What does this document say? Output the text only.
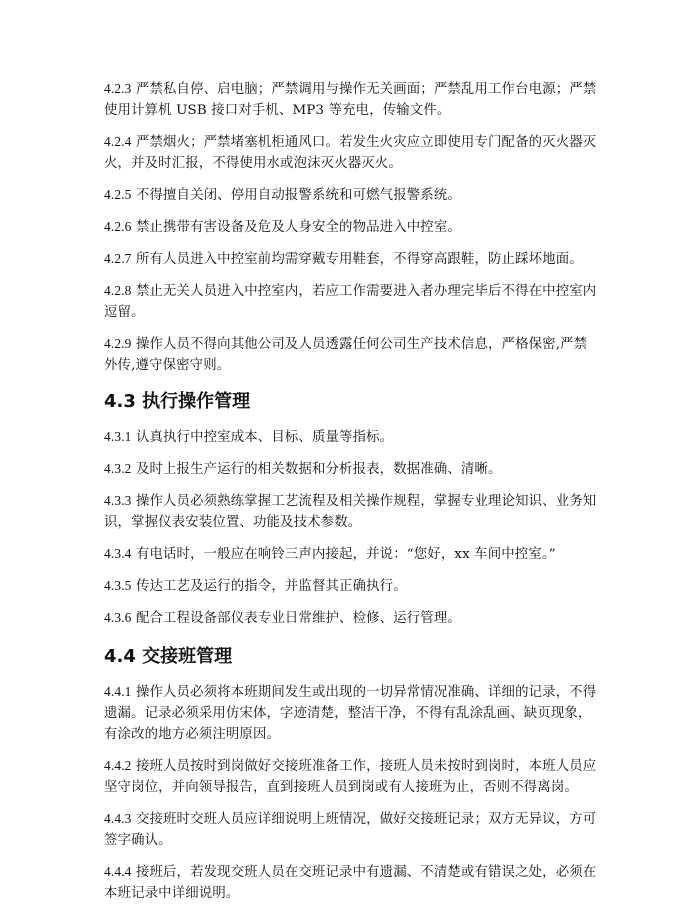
4.2.3 严禁私自停、启电脑；严禁调用与操作无关画面；严禁乱用工作台电源；严禁使用计算机 USB 接口对手机、MP3 等充电，传输文件。

4.2.4 严禁烟火；严禁堵塞机柜通风口。若发生火灾应立即使用专门配备的灭火器灭火，并及时汇报，不得使用水或泡沫灭火器灭火。

4.2.5 不得擅自关闭、停用自动报警系统和可燃气报警系统。

4.2.6 禁止携带有害设备及危及人身安全的物品进入中控室。

4.2.7 所有人员进入中控室前均需穿戴专用鞋套，不得穿高跟鞋，防止踩坏地面。

4.2.8 禁止无关人员进入中控室内，若应工作需要进入者办理完毕后不得在中控室内逗留。

4.2.9 操作人员不得向其他公司及人员透露任何公司生产技术信息，严格保密,严禁外传,遵守保密守则。

4.3 执行操作管理

4.3.1 认真执行中控室成本、目标、质量等指标。

4.3.2 及时上报生产运行的相关数据和分析报表，数据准确、清晰。

4.3.3 操作人员必须熟练掌握工艺流程及相关操作规程，掌握专业理论知识、业务知识，掌握仪表安装位置、功能及技术参数。

4.3.4 有电话时，一般应在响铃三声内接起，并说：“您好，xx 车间中控室。”

4.3.5 传达工艺及运行的指令，并监督其正确执行。

4.3.6 配合工程设备部仪表专业日常维护、检修、运行管理。

4.4 交接班管理

4.4.1 操作人员必须将本班期间发生或出现的一切异常情况准确、详细的记录，不得遗漏。记录必须采用仿宋体，字迹清楚，整洁干净，不得有乱涂乱画、缺页现象，有涂改的地方必须注明原因。

4.4.2 接班人员按时到岗做好交接班准备工作，接班人员未按时到岗时，本班人员应坚守岗位，并向领导报告，直到接班人员到岗或有人接班为止，否则不得离岗。

4.4.3 交接班时交班人员应详细说明上班情况，做好交接班记录；双方无异议，方可签字确认。

4.4.4 接班后，若发现交班人员在交班记录中有遗漏、不清楚或有错误之处，必须在本班记录中详细说明。
